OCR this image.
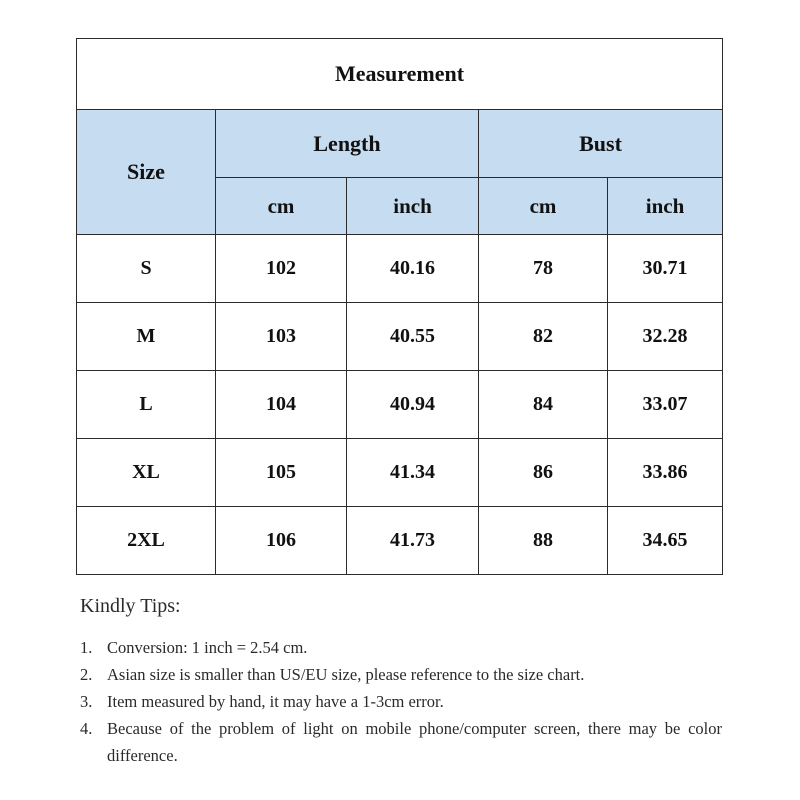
Measurement				
Size	Length		Bust	
	cm	inch	cm	inch
S	102	40.16	78	30.71
M	103	40.55	82	32.28
L	104	40.94	84	33.07
XL	105	41.34	86	33.86
2XL	106	41.73	88	34.65
Kindly Tips:
1. Conversion: 1 inch = 2.54 cm.
2. Asian size is smaller than US/EU size, please reference to the size chart.
3. Item measured by hand, it may have a 1-3cm error.
4. Because of the problem of light on mobile phone/computer screen, there may be color difference.
